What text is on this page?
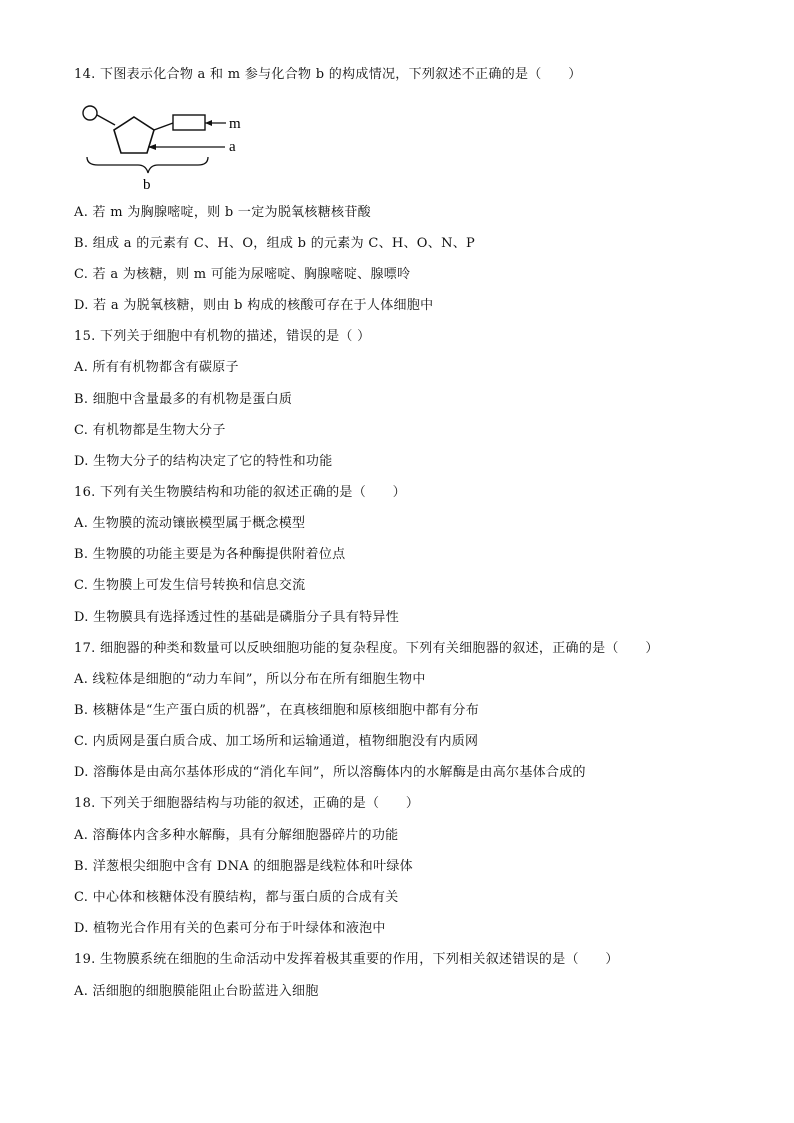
14. 下图表示化合物 a 和 m 参与化合物 b 的构成情况，下列叙述不正确的是（　　）
m
a
b
A. 若 m 为胸腺嘧啶，则 b 一定为脱氧核糖核苷酸
B. 组成 a 的元素有 C、H、O，组成 b 的元素为 C、H、O、N、P
C. 若 a 为核糖，则 m 可能为尿嘧啶、胸腺嘧啶、腺嘌呤
D. 若 a 为脱氧核糖，则由 b 构成的核酸可存在于人体细胞中
15. 下列关于细胞中有机物的描述，错误的是（ ）
A. 所有有机物都含有碳原子
B. 细胞中含量最多的有机物是蛋白质
C. 有机物都是生物大分子
D. 生物大分子的结构决定了它的特性和功能
16. 下列有关生物膜结构和功能的叙述正确的是（　　）
A. 生物膜的流动镶嵌模型属于概念模型
B. 生物膜的功能主要是为各种酶提供附着位点
C. 生物膜上可发生信号转换和信息交流
D. 生物膜具有选择透过性的基础是磷脂分子具有特异性
17. 细胞器的种类和数量可以反映细胞功能的复杂程度。下列有关细胞器的叙述，正确的是（　　）
A. 线粒体是细胞的“动力车间”，所以分布在所有细胞生物中
B. 核糖体是“生产蛋白质的机器”，在真核细胞和原核细胞中都有分布
C. 内质网是蛋白质合成、加工场所和运输通道，植物细胞没有内质网
D. 溶酶体是由高尔基体形成的“消化车间”，所以溶酶体内的水解酶是由高尔基体合成的
18. 下列关于细胞器结构与功能的叙述，正确的是（　　）
A. 溶酶体内含多种水解酶，具有分解细胞器碎片的功能
B. 洋葱根尖细胞中含有 DNA 的细胞器是线粒体和叶绿体
C. 中心体和核糖体没有膜结构，都与蛋白质的合成有关
D. 植物光合作用有关的色素可分布于叶绿体和液泡中
19. 生物膜系统在细胞的生命活动中发挥着极其重要的作用，下列相关叙述错误的是（　　）
A. 活细胞的细胞膜能阻止台盼蓝进入细胞
